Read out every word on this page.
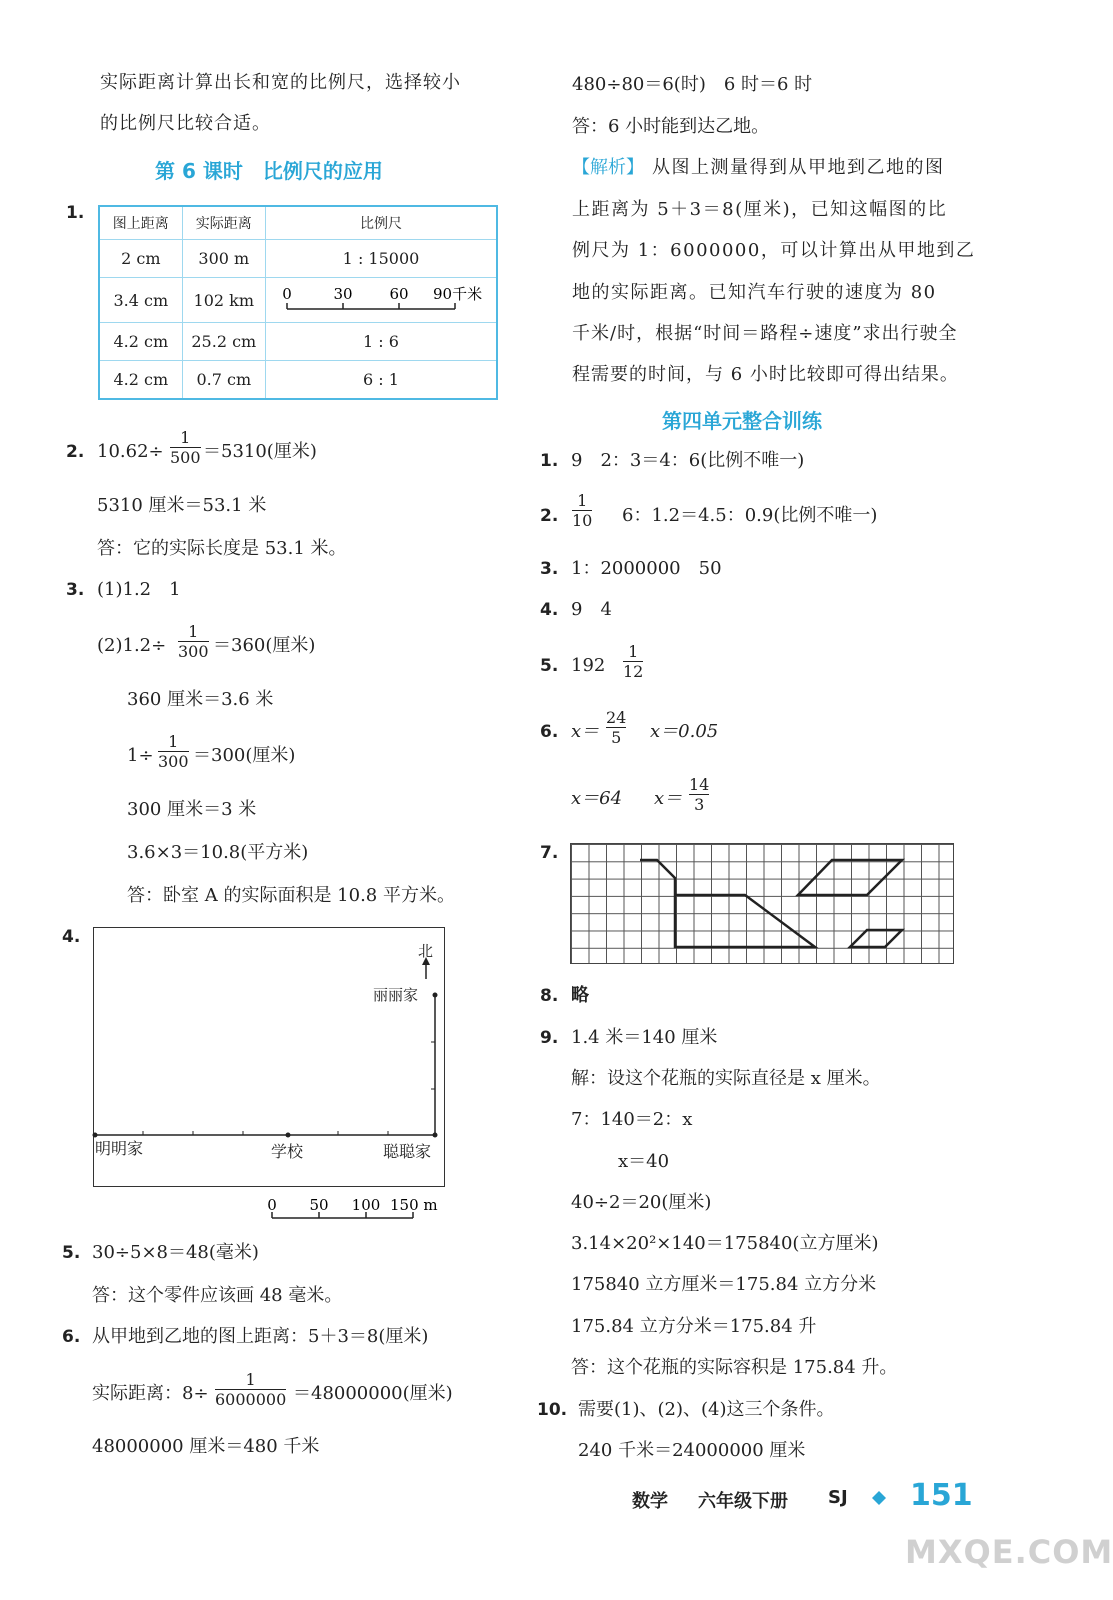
实际距离计算出长和宽的比例尺，选择较小
的比例尺比较合适。
第 6 课时　比例尺的应用
1.
图上距离	实际距离	比例尺
2 cm	300 m	1 : 15000
3.4 cm	102 km	0 30 60 90千米

4.2 cm	25.2 cm	1 : 6
4.2 cm	0.7 cm	6 : 1
2. 10.62÷
1
500 ＝5310(厘米)
5310 厘米＝53.1 米
答：它的实际长度是 53.1 米。
3. (1)1.2　1
(2)1.2÷
1
300 ＝360(厘米)
360 厘米＝3.6 米
1÷
1
300 ＝300(厘米)
300 厘米＝3 米
3.6×3＝10.8(平方米)
答：卧室 A 的实际面积是 10.8 平方米。
4.
北
丽丽家
明明家	学校	聪聪家
0 50 100 150 m
5. 30÷5×8＝48(毫米)
答：这个零件应该画 48 毫米。
6. 从甲地到乙地的图上距离：5＋3＝8(厘米)
实际距离：8÷
1
6000000 ＝48000000(厘米)
48000000 厘米＝480 千米
480÷80＝6(时)　6 时＝6 时
答：6 小时能到达乙地。
【解析】 从图上测量得到从甲地到乙地的图
上距离为 5＋3＝8(厘米)，已知这幅图的比
例尺为 1：6000000，可以计算出从甲地到乙
地的实际距离。已知汽车行驶的速度为 80
千米/时，根据“时间＝路程÷速度”求出行驶全
程需要的时间，与 6 小时比较即可得出结果。
第四单元整合训练
1. 9　2：3＝4：6(比例不唯一)
2.
1
10 6：1.2＝4.5：0.9(比例不唯一)
3. 1：2000000　50
4. 9　4
5. 192
1
12
6. x＝
24
5 x＝0.05
x＝64 x＝
14
3
7.
8. 略
9. 1.4 米＝140 厘米
解：设这个花瓶的实际直径是 x 厘米。
7：140＝2：x
x＝40
40÷2＝20(厘米)
3.14×20²×140＝175840(立方厘米)
175840 立方厘米＝175.84 立方分米
175.84 立方分米＝175.84 升
答：这个花瓶的实际容积是 175.84 升。
10. 需要(1)、(2)、(4)这三个条件。
240 千米＝24000000 厘米
数学 六年级下册 SJ 151
MXQE.COM
